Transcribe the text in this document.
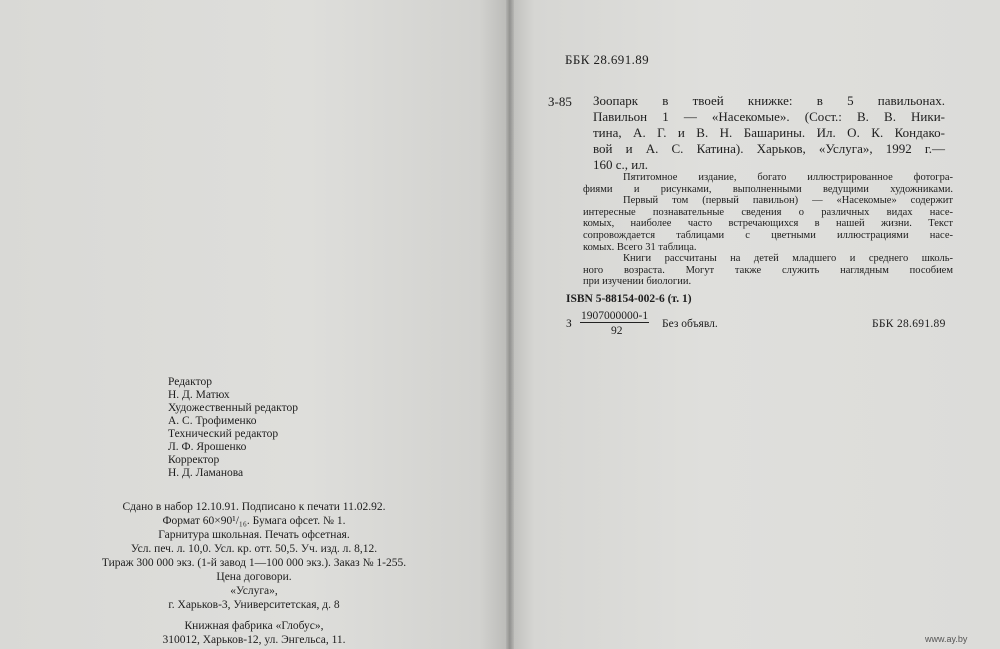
Редактор
Н. Д. Матюх
Художественный редактор
А. С. Трофименко
Технический редактор
Л. Ф. Ярошенко
Корректор
Н. Д. Ламанова
Сдано в набор 12.10.91. Подписано к печати 11.02.92.
Формат 60×90¹/₁₆. Бумага офсет. № 1.
Гарнитура школьная. Печать офсетная.
Усл. печ. л. 10,0. Усл. кр. отт. 50,5. Уч. изд. л. 8,12.
Тираж 300 000 экз. (1-й завод 1—100 000 экз.). Заказ № 1-255.
Цена договори.
«Услуга»,
г. Харьков-3, Университетская, д. 8
Книжная фабрика «Глобус»,
310012, Харьков-12, ул. Энгельса, 11.
ББК 28.691.89
З-85 Зоопарк в твоей книжке: в 5 павильонах.
Павильон 1 — «Насекомые». (Сост.: В. В. Ники-
тина, А. Г. и В. Н. Башарины. Ил. О. К. Кондако-
вой и А. С. Катина). Харьков, «Услуга», 1992 г.—
160 с., ил.
Пятитомное издание, богато иллюстрированное фотогра-
фиями и рисунками, выполненными ведущими художниками.
Первый том (первый павильон) — «Насекомые» содержит
интересные познавательные сведения о различных видах насе-
комых, наиболее часто встречающихся в нашей жизни. Текст
сопровождается таблицами с цветными иллюстрациями насе-
комых. Всего 31 таблица.
Книги рассчитаны на детей младшего и среднего школь-
ного возраста. Могут также служить наглядным пособием
при изучении биологии.
ISBN 5-88154-002-6 (т. 1)
З
1907000000-1
92
Без объявл.	ББК 28.691.89
www.ay.by
